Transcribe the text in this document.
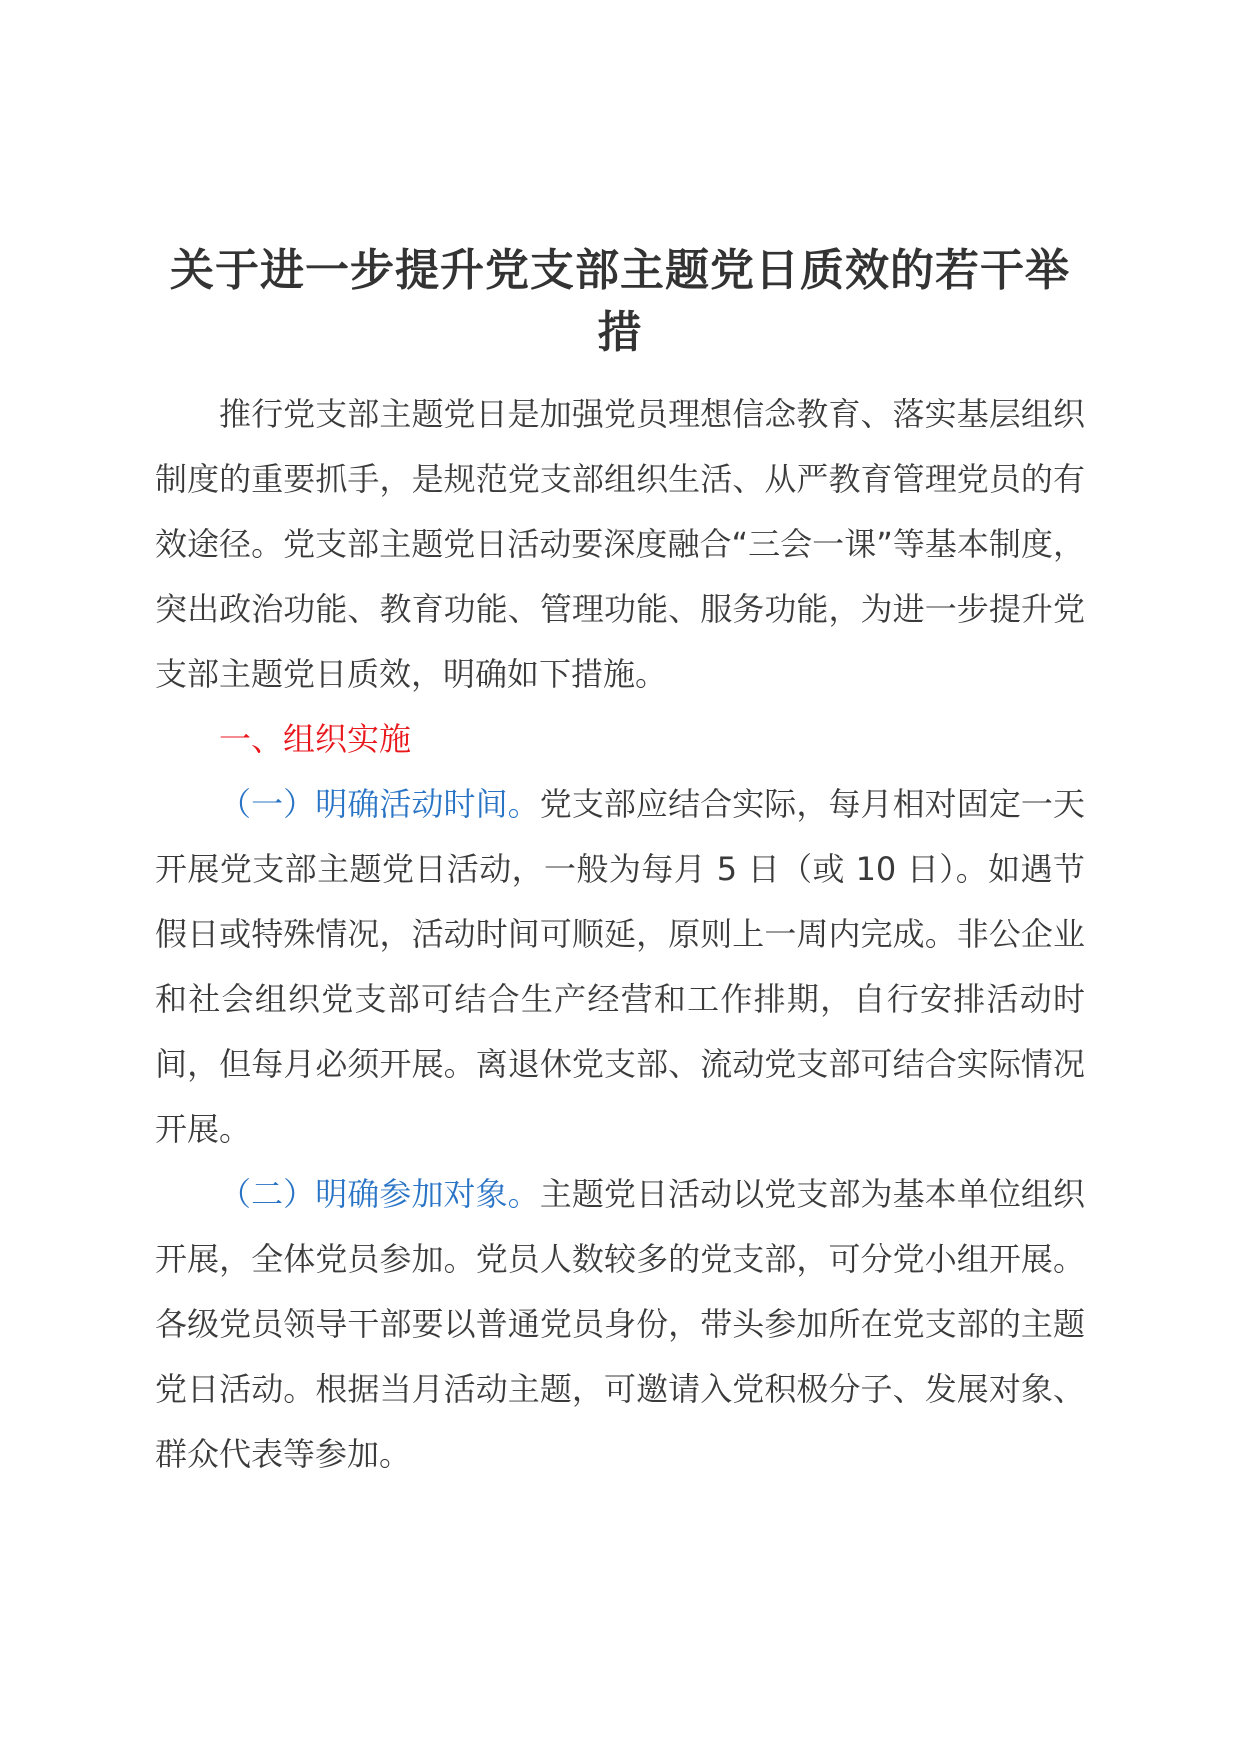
关于进一步提升党支部主题党日质效的若干举措

推行党支部主题党日是加强党员理想信念教育、落实基层组织制度的重要抓手，是规范党支部组织生活、从严教育管理党员的有效途径。党支部主题党日活动要深度融合“三会一课”等基本制度，突出政治功能、教育功能、管理功能、服务功能，为进一步提升党支部主题党日质效，明确如下措施。

一、组织实施

（一）明确活动时间。党支部应结合实际，每月相对固定一天开展党支部主题党日活动，一般为每月 5 日（或 10 日）。如遇节假日或特殊情况，活动时间可顺延，原则上一周内完成。非公企业和社会组织党支部可结合生产经营和工作排期，自行安排活动时间，但每月必须开展。离退休党支部、流动党支部可结合实际情况开展。

（二）明确参加对象。主题党日活动以党支部为基本单位组织开展，全体党员参加。党员人数较多的党支部，可分党小组开展。各级党员领导干部要以普通党员身份，带头参加所在党支部的主题党日活动。根据当月活动主题，可邀请入党积极分子、发展对象、群众代表等参加。
